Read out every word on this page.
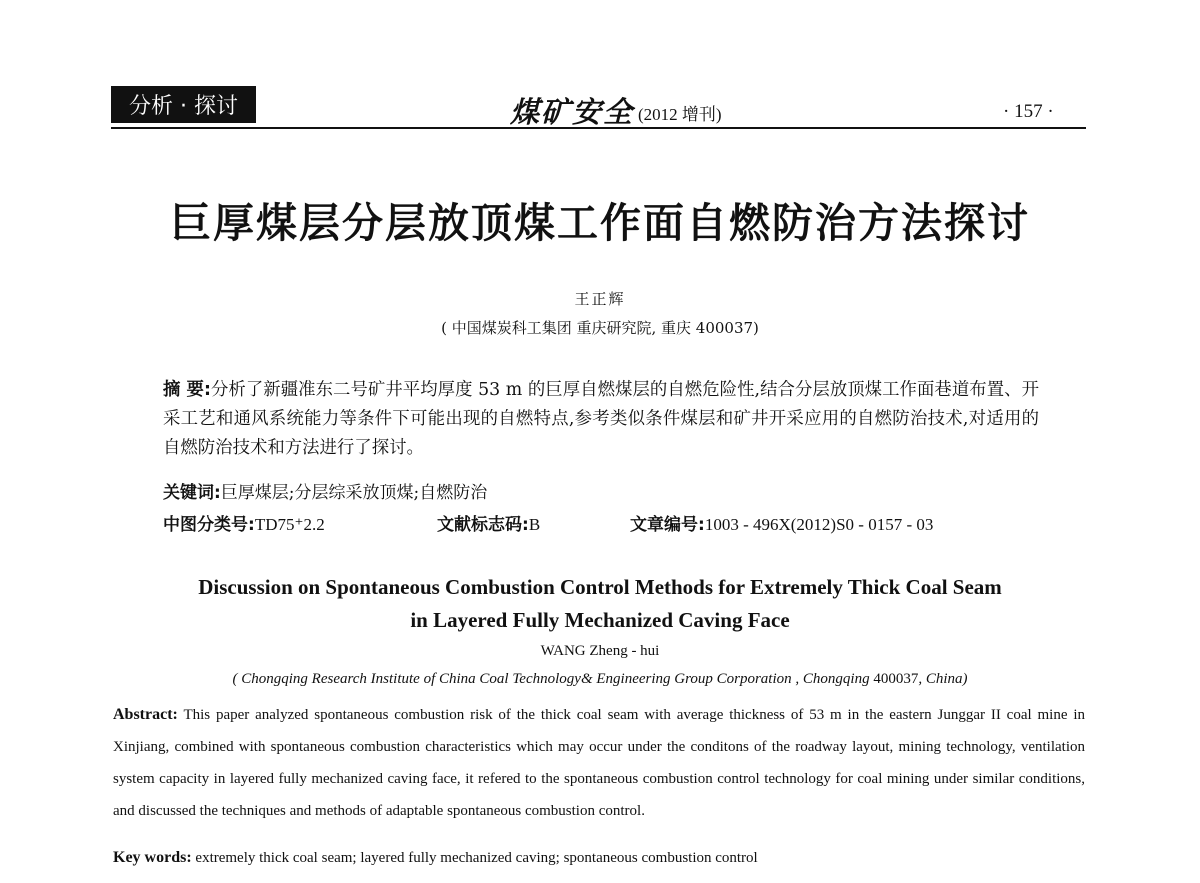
分析 · 探讨	煤矿安全 (2012 增刊)	· 157 ·
巨厚煤层分层放顶煤工作面自燃防治方法探讨
王正辉
( 中国煤炭科工集团 重庆研究院, 重庆 400037)
摘 要:分析了新疆准东二号矿井平均厚度 53 m 的巨厚自燃煤层的自燃危险性,结合分层放顶煤工作面巷道布置、开采工艺和通风系统能力等条件下可能出现的自燃特点,参考类似条件煤层和矿井开采应用的自燃防治技术,对适用的自燃防治技术和方法进行了探讨。
关键词:巨厚煤层;分层综采放顶煤;自燃防治
中图分类号:TD75⁺2.2	文献标志码:B	文章编号:1003 - 496X(2012)S0 - 0157 - 03
Discussion on Spontaneous Combustion Control Methods for Extremely Thick Coal Seam
in Layered Fully Mechanized Caving Face
WANG Zheng - hui
( Chongqing Research Institute of China Coal Technology& Engineering Group Corporation , Chongqing 400037, China)
Abstract: This paper analyzed spontaneous combustion risk of the thick coal seam with average thickness of 53 m in the eastern Junggar II coal mine in Xinjiang, combined with spontaneous combustion characteristics which may occur under the conditons of the roadway layout, mining technology, ventilation system capacity in layered fully mechanized caving face, it refered to the spontaneous combustion control technology for coal mining under similar conditions, and discussed the techniques and methods of adaptable spontaneous combustion control.
Key words: extremely thick coal seam; layered fully mechanized caving; spontaneous combustion control
